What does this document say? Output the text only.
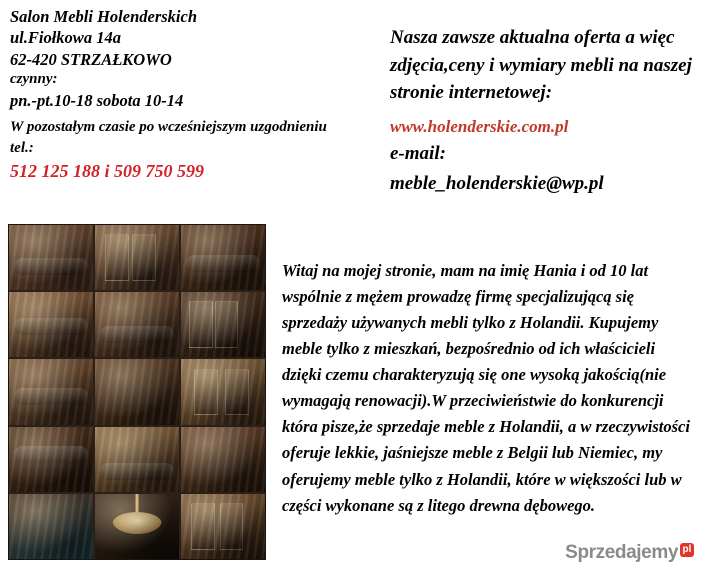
Salon Mebli Holenderskich
ul.Fiołkowa 14a
62-420 STRZAŁKOWO
czynny:
pn.-pt.10-18 sobota 10-14
W pozostałym czasie po wcześniejszym uzgodnieniu tel.:
512 125 188 i 509 750 599
Nasza zawsze aktualna oferta a więc zdjęcia,ceny i wymiary mebli na naszej stronie internetowej:
www.holenderskie.com.pl
e-mail:
meble_holenderskie@wp.pl
Witaj na mojej stronie, mam na imię Hania i od 10 lat wspólnie z mężem prowadzę firmę specjalizującą się sprzedaży używanych mebli tylko z Holandii. Kupujemy meble tylko z mieszkań, bezpośrednio od ich właścicieli dzięki czemu charakteryzują się one wysoką jakością(nie wymagają renowacji).W przeciwieństwie do konkurencji która pisze,że sprzedaje meble z Holandii, a w rzeczywistości oferuje lekkie, jaśniejsze meble z Belgii lub Niemiec, my oferujemy meble tylko z Holandii, które w większości lub w części wykonane są z litego drewna dębowego.
Sprzedajemy pl
